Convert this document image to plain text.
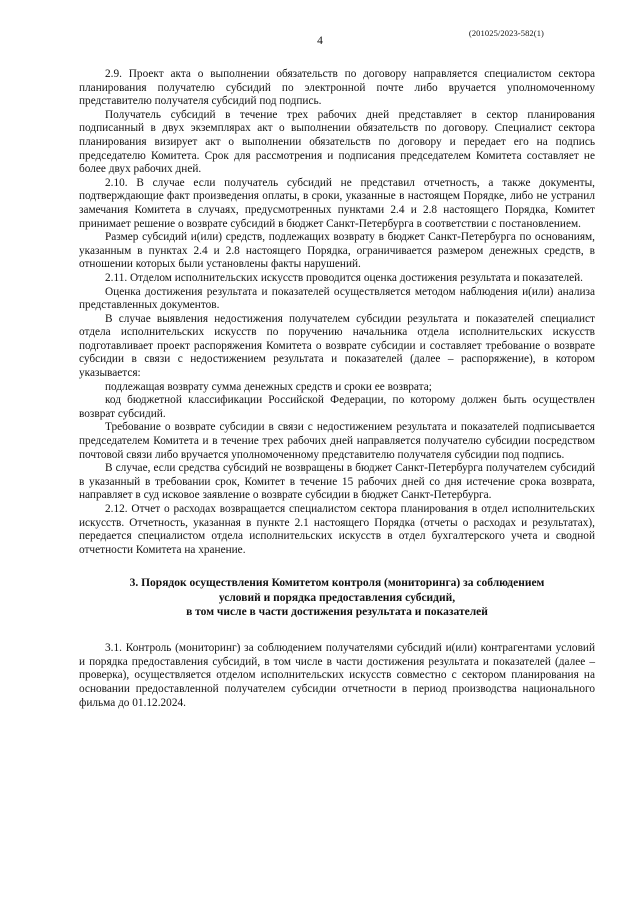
(201025/2023-582(1)
4

2.9. Проект акта о выполнении обязательств по договору направляется специалистом сектора планирования получателю субсидий по электронной почте либо вручается уполномоченному представителю получателя субсидий под подпись.

Получатель субсидий в течение трех рабочих дней представляет в сектор планирования подписанный в двух экземплярах акт о выполнении обязательств по договору. Специалист сектора планирования визирует акт о выполнении обязательств по договору и передает его на подпись председателю Комитета. Срок для рассмотрения и подписания председателем Комитета составляет не более двух рабочих дней.

2.10. В случае если получатель субсидий не представил отчетность, а также документы, подтверждающие факт произведения оплаты, в сроки, указанные в настоящем Порядке, либо не устранил замечания Комитета в случаях, предусмотренных пунктами 2.4 и 2.8 настоящего Порядка, Комитет принимает решение о возврате субсидий в бюджет Санкт-Петербурга в соответствии с постановлением.

Размер субсидий и(или) средств, подлежащих возврату в бюджет Санкт-Петербурга по основаниям, указанным в пунктах 2.4 и 2.8 настоящего Порядка, ограничивается размером денежных средств, в отношении которых были установлены факты нарушений.

2.11. Отделом исполнительских искусств проводится оценка достижения результата и показателей.

Оценка достижения результата и показателей осуществляется методом наблюдения и(или) анализа представленных документов.

В случае выявления недостижения получателем субсидии результата и показателей специалист отдела исполнительских искусств по поручению начальника отдела исполнительских искусств подготавливает проект распоряжения Комитета о возврате субсидии и составляет требование о возврате субсидии в связи с недостижением результата и показателей (далее – распоряжение), в котором указывается:

подлежащая возврату сумма денежных средств и сроки ее возврата;

код бюджетной классификации Российской Федерации, по которому должен быть осуществлен возврат субсидий.

Требование о возврате субсидии в связи с недостижением результата и показателей подписывается председателем Комитета и в течение трех рабочих дней направляется получателю субсидии посредством почтовой связи либо вручается уполномоченному представителю получателя субсидии под подпись.

В случае, если средства субсидий не возвращены в бюджет Санкт-Петербурга получателем субсидий в указанный в требовании срок, Комитет в течение 15 рабочих дней со дня истечение срока возврата, направляет в суд исковое заявление о возврате субсидии в бюджет Санкт-Петербурга.

2.12. Отчет о расходах возвращается специалистом сектора планирования в отдел исполнительских искусств. Отчетность, указанная в пункте 2.1 настоящего Порядка (отчеты о расходах и результатах), передается специалистом отдела исполнительских искусств в отдел бухгалтерского учета и сводной отчетности Комитета на хранение.

3. Порядок осуществления Комитетом контроля (мониторинга) за соблюдением
условий и порядка предоставления субсидий,
в том числе в части достижения результата и показателей

3.1. Контроль (мониторинг) за соблюдением получателями субсидий и(или) контрагентами условий и порядка предоставления субсидий, в том числе в части достижения результата и показателей (далее – проверка), осуществляется отделом исполнительских искусств совместно с сектором планирования на основании предоставленной получателем субсидии отчетности в период производства национального фильма до 01.12.2024.
